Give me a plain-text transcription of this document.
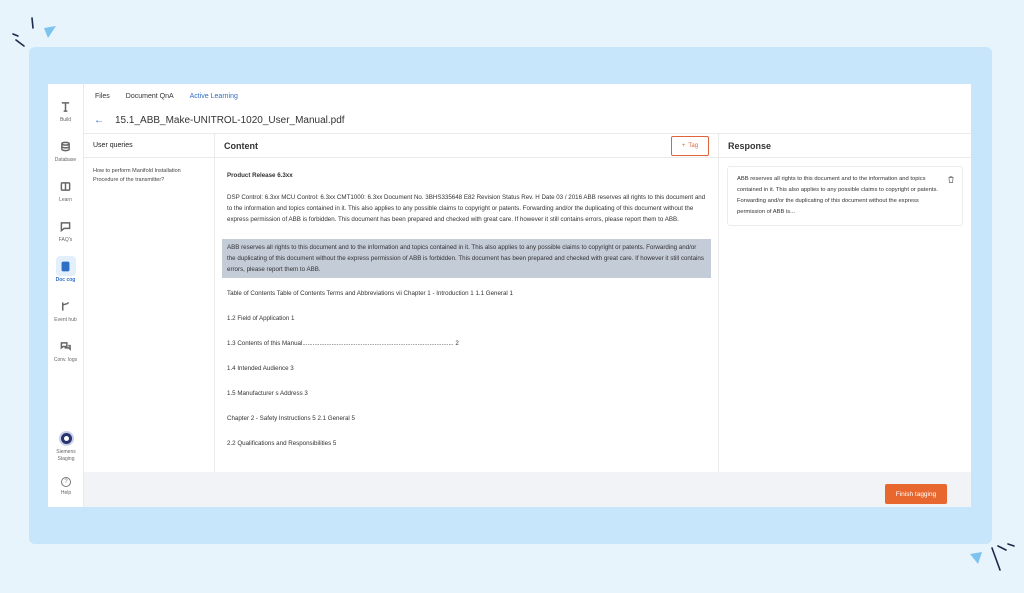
Build
Database
Learn
FAQ's
Doc cog
Event hub
Conv. logs
Siemens Staging
?
Help
Files Document QnA Active Learning
← 15.1_ABB_Make-UNITROL-1020_User_Manual.pdf
User queries
How to perform Manifold Installation Procedure of the transmitter?
Content	+ Tag
Product Release 6.3xx

DSP Control: 6.3xx MCU Control: 6.3xx CMT1000: 6.3xx Document No. 3BHS335648 E82 Revision Status Rev. H Date 03 / 2016 ABB reserves all rights to this document and to the information and topics contained in it. This also applies to any possible claims to copyright or patents. Forwarding and/or the duplicating of this document without the express permission of ABB is forbidden. This document has been prepared and checked with great care. If however it still contains errors, please report them to ABB.

ABB reserves all rights to this document and to the information and topics contained in it. This also applies to any possible claims to copyright or patents. Forwarding and/or the duplicating of this document without the express permission of ABB is forbidden. This document has been prepared and checked with great care. If however it still contains errors, please report them to ABB.
Table of Contents Table of Contents Terms and Abbreviations vii Chapter 1 - Introduction 1 1.1 General 1
1.2 Field of Application 1
1.3 Contents of this Manual........................................................................................ 2
1.4 Intended Audience 3
1.5 Manufacturer s Address 3
Chapter 2 - Safety Instructions 5 2.1 General 5
2.2 Qualifications and Responsibilities 5
Response
ABB reserves all rights to this document and to the information and topics contained in it. This also applies to any possible claims to copyright or patents. Forwarding and/or the duplicating of this document without the express permission of ABB is...
Finish tagging
